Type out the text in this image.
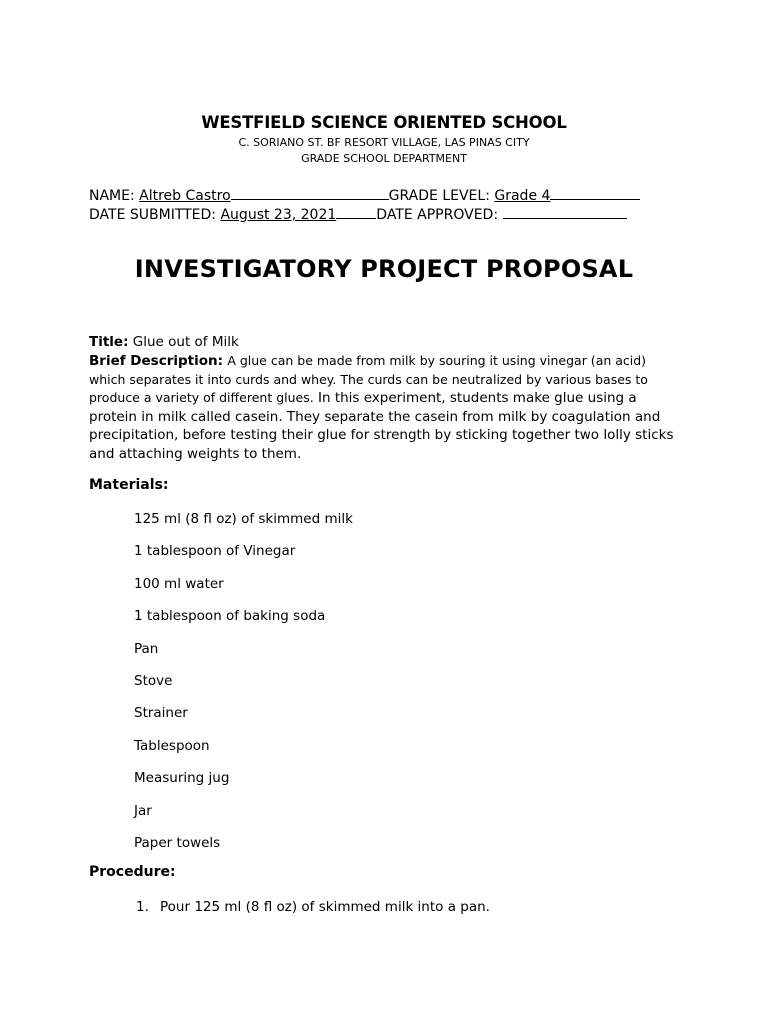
WESTFIELD SCIENCE ORIENTED SCHOOL
C. SORIANO ST. BF RESORT VILLAGE, LAS PINAS CITY
GRADE SCHOOL DEPARTMENT
NAME: Altreb Castro	GRADE LEVEL: Grade 4
DATE SUBMITTED: August 23, 2021	DATE APPROVED:
INVESTIGATORY PROJECT PROPOSAL
Title: Glue out of Milk
Brief Description: A glue can be made from milk by souring it using vinegar (an acid) which separates it into curds and whey. The curds can be neutralized by various bases to produce a variety of different glues. In this experiment, students make glue using a protein in milk called casein. They separate the casein from milk by coagulation and precipitation, before testing their glue for strength by sticking together two lolly sticks and attaching weights to them.
Materials:
125 ml (8 fl oz) of skimmed milk
1 tablespoon of Vinegar
100 ml water
1 tablespoon of baking soda
Pan
Stove
Strainer
Tablespoon
Measuring jug
Jar
Paper towels
Procedure:
1. Pour 125 ml (8 fl oz) of skimmed milk into a pan.
